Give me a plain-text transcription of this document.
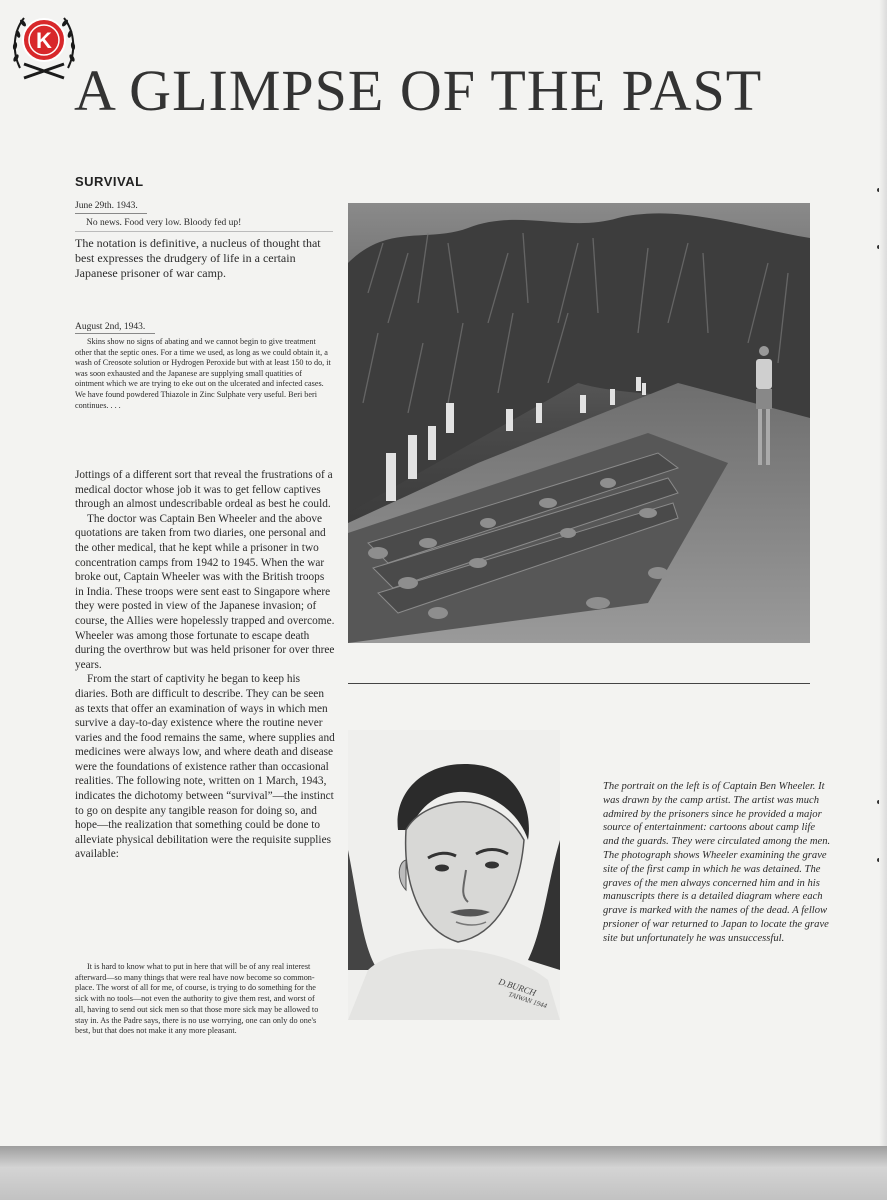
K
A GLIMPSE OF THE PAST
SURVIVAL
June 29th. 1943.
No news. Food very low. Bloody fed up!

The notation is definitive, a nucleus of thought that best expresses the drudgery of life in a certain Japanese prisoner of war camp.

August 2nd, 1943.

Skins show no signs of abating and we cannot begin to give treatment other that the septic ones. For a time we used, as long as we could obtain it, a wash of Creosote solution or Hydrogen Peroxide but with at least 150 to do, it was soon exhausted and the Japanese are supplying small quatities of ointment which we are trying to eke out on the ulcerated and infected cases. We have found powdered Thiazole in Zinc Sulphate very useful. Beri beri continues. . . .

Jottings of a different sort that reveal the frustrations of a medical doctor whose job it was to get fellow captives through an almost undescribable ordeal as best he could.

The doctor was Captain Ben Wheeler and the above quotations are taken from two diaries, one personal and the other medical, that he kept while a prisoner in two concentration camps from 1942 to 1945. When the war broke out, Captain Wheeler was with the British troops in India. These troops were sent east to Singapore where they were posted in view of the Japanese invasion; of course, the Allies were hopelessly trapped and overcome. Wheeler was among those fortunate to escape death during the overthrow but was held prisoner for over three years.

From the start of captivity he began to keep his diaries. Both are difficult to describe. They can be seen as texts that offer an examination of ways in which men survive a day-to-day existence where the routine never varies and the food remains the same, where supplies and medicines were always low, and where death and disease were the foundations of existence rather than occasional realities. The following note, written on 1 March, 1943, indicates the dichotomy between “survival”—the instinct to go on despite any tangible reason for doing so, and hope—the realization that something could be done to alleviate physical debilitation were the requisite supplies available:

It is hard to know what to put in here that will be of any real interest afterward—so many things that were real have now become so common-place. The worst of all for me, of course, is trying to do something for the sick with no tools—not even the authority to give them rest, and worst of all, having to send out sick men so that those more sick may be allowed to stay in. As the Padre says, there is no use worrying, one can only do one's best, but that does not make it any more pleasant.

D.BURCH
TAIWAN 1944

The portrait on the left is of Captain Ben Wheeler. It was drawn by the camp artist. The artist was much admired by the prisoners since he provided a major source of entertainment: cartoons about camp life and the guards. They were circulated among the men. The photograph shows Wheeler examining the grave site of the first camp in which he was detained. The graves of the men always concerned him and in his manuscripts there is a detailed diagram where each grave is marked with the names of the dead. A fellow prsioner of war returned to Japan to locate the grave site but unfortunately he was unsuccessful.
